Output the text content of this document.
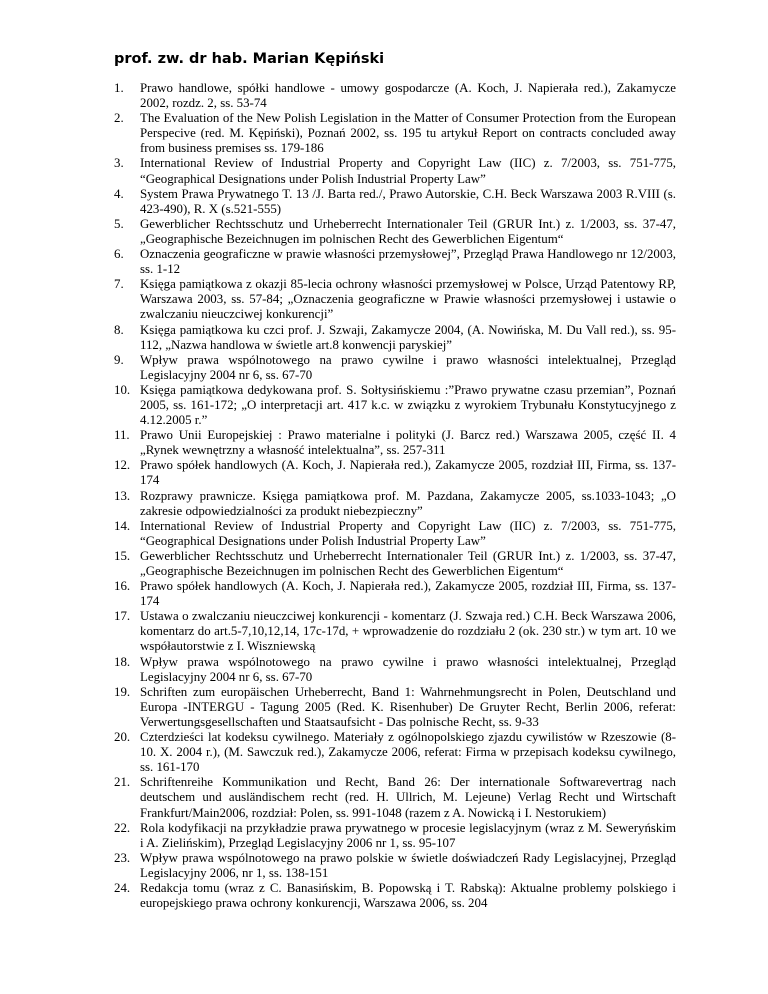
prof. zw. dr hab. Marian Kępiński
1. Prawo handlowe, spółki handlowe - umowy gospodarcze (A. Koch, J. Napierała red.), Zakamycze 2002, rozdz. 2, ss. 53-74
2. The Evaluation of the New Polish Legislation in the Matter of Consumer Protection from the European Perspecive (red. M. Kępiński), Poznań 2002, ss. 195 tu artykuł Report on contracts concluded away from business premises ss. 179-186
3. International Review of Industrial Property and Copyright Law (IIC) z. 7/2003, ss. 751-775, “Geographical Designations under Polish Industrial Property Law”
4. System Prawa Prywatnego T. 13 /J. Barta red./, Prawo Autorskie, C.H. Beck Warszawa 2003 R.VIII (s. 423-490), R. X (s.521-555)
5. Gewerblicher Rechtsschutz und Urheberrecht Internationaler Teil (GRUR Int.) z. 1/2003, ss. 37-47, „Geographische Bezeichnugen im polnischen Recht des Gewerblichen Eigentum“
6. Oznaczenia geograficzne w prawie własności przemysłowej”, Przegląd Prawa Handlowego nr 12/2003, ss. 1-12
7. Księga pamiątkowa z okazji 85-lecia ochrony własności przemysłowej w Polsce, Urząd Patentowy RP, Warszawa 2003, ss. 57-84; „Oznaczenia geograficzne w Prawie własności przemysłowej i ustawie o zwalczaniu nieuczciwej konkurencji”
8. Księga pamiątkowa ku czci prof. J. Szwaji, Zakamycze 2004, (A. Nowińska, M. Du Vall red.), ss. 95-112, „Nazwa handlowa w świetle art.8 konwencji paryskiej”
9. Wpływ prawa wspólnotowego na prawo cywilne i prawo własności intelektualnej, Przegląd Legislacyjny 2004 nr 6, ss. 67-70
10. Księga pamiątkowa dedykowana prof. S. Sołtysińskiemu :”Prawo prywatne czasu przemian”, Poznań 2005, ss. 161-172; „O interpretacji art. 417 k.c. w związku z wyrokiem Trybunału Konstytucyjnego z 4.12.2005 r.”
11. Prawo Unii Europejskiej : Prawo materialne i polityki (J. Barcz red.) Warszawa 2005, część II. 4 „Rynek wewnętrzny a własność intelektualna”, ss. 257-311
12. Prawo spółek handlowych (A. Koch, J. Napierała red.), Zakamycze 2005, rozdział III, Firma, ss. 137-174
13. Rozprawy prawnicze. Księga pamiątkowa prof. M. Pazdana, Zakamycze 2005, ss.1033-1043; „O zakresie odpowiedzialności za produkt niebezpieczny”
14. International Review of Industrial Property and Copyright Law (IIC) z. 7/2003, ss. 751-775, “Geographical Designations under Polish Industrial Property Law”
15. Gewerblicher Rechtsschutz und Urheberrecht Internationaler Teil (GRUR Int.) z. 1/2003, ss. 37-47, „Geographische Bezeichnugen im polnischen Recht des Gewerblichen Eigentum“
16. Prawo spółek handlowych (A. Koch, J. Napierała red.), Zakamycze 2005, rozdział III, Firma, ss. 137-174
17. Ustawa o zwalczaniu nieuczciwej konkurencji - komentarz (J. Szwaja red.) C.H. Beck Warszawa 2006, komentarz do art.5-7,10,12,14, 17c-17d, + wprowadzenie do rozdziału 2 (ok. 230 str.) w tym art. 10 we współautorstwie z I. Wiszniewską
18. Wpływ prawa wspólnotowego na prawo cywilne i prawo własności intelektualnej, Przegląd Legislacyjny 2004 nr 6, ss. 67-70
19. Schriften zum europäischen Urheberrecht, Band 1: Wahrnehmungsrecht in Polen, Deutschland und Europa -INTERGU - Tagung 2005 (Red. K. Risenhuber) De Gruyter Recht, Berlin 2006, referat: Verwertungsgesellschaften und Staatsaufsicht - Das polnische Recht, ss. 9-33
20. Czterdzieści lat kodeksu cywilnego. Materiały z ogólnopolskiego zjazdu cywilistów w Rzeszowie (8-10. X. 2004 r.), (M. Sawczuk red.), Zakamycze 2006, referat: Firma w przepisach kodeksu cywilnego, ss. 161-170
21. Schriftenreihe Kommunikation und Recht, Band 26: Der internationale Softwarevertrag nach deutschem und ausländischem recht (red. H. Ullrich, M. Lejeune) Verlag Recht und Wirtschaft Frankfurt/Main2006, rozdział: Polen, ss. 991-1048 (razem z A. Nowicką i I. Nestorukiem)
22. Rola kodyfikacji na przykładzie prawa prywatnego w procesie legislacyjnym (wraz z M. Seweryńskim i A. Zielińskim), Przegląd Legislacyjny 2006 nr 1, ss. 95-107
23. Wpływ prawa wspólnotowego na prawo polskie w świetle doświadczeń Rady Legislacyjnej, Przegląd Legislacyjny 2006, nr 1, ss. 138-151
24. Redakcja tomu (wraz z C. Banasińskim, B. Popowską i T. Rabską): Aktualne problemy polskiego i europejskiego prawa ochrony konkurencji, Warszawa 2006, ss. 204
